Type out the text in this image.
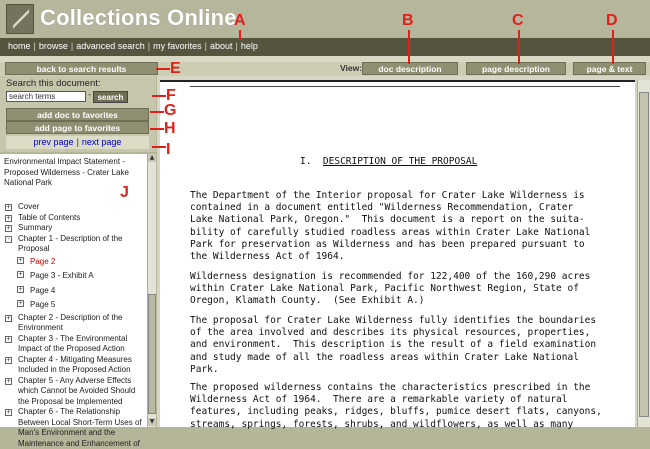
Collections Online
home | browse | advanced search | my favorites | about | help
back to search results	View:	doc description	page description	page & text
Search this document:
search terms	- search
add doc to favorites
add page to favorites
prev page | next page
Environmental Impact Statement - Proposed Wilderness - Crater Lake National Park
+ Cover
+ Table of Contents
+ Summary
- Chapter 1 - Description of the Proposal
+ Page 2
+ Page 3 - Exhibit A
+ Page 4
+ Page 5
+ Chapter 2 - Description of the Environment
+ Chapter 3 - The Environmental Impact of the Proposed Action
+ Chapter 4 - Mitigating Measures Included in the Proposed Action
+ Chapter 5 - Any Adverse Effects which Cannot be Avoided Should the Proposal be Implemented
+ Chapter 6 - The Relationship Between Local Short-Term Uses of Man's Environment and the Maintenance and Enhancement of
▲
▼
I. DESCRIPTION OF THE PROPOSAL
The Department of the Interior proposal for Crater Lake Wilderness is
contained in a document entitled "Wilderness Recommendation, Crater
Lake National Park, Oregon."  This document is a report on the suita-
bility of carefully studied roadless areas within Crater Lake National
Park for preservation as Wilderness and has been prepared pursuant to
the Wilderness Act of 1964.
Wilderness designation is recommended for 122,400 of the 160,290 acres
within Crater Lake National Park, Pacific Northwest Region, State of
Oregon, Klamath County.  (See Exhibit A.)
The proposal for Crater Lake Wilderness fully identifies the boundaries
of the area involved and describes its physical resources, properties,
and environment.  This description is the result of a field examination
and study made of all the roadless areas within Crater Lake National
Park.
The proposed wilderness contains the characteristics prescribed in the
Wilderness Act of 1964.  There are a remarkable variety of natural
features, including peaks, ridges, bluffs, pumice desert flats, canyons,
streams, springs, forests, shrubs, and wildflowers, as well as many
A	B	C	D
E
F
G
H
I
J
